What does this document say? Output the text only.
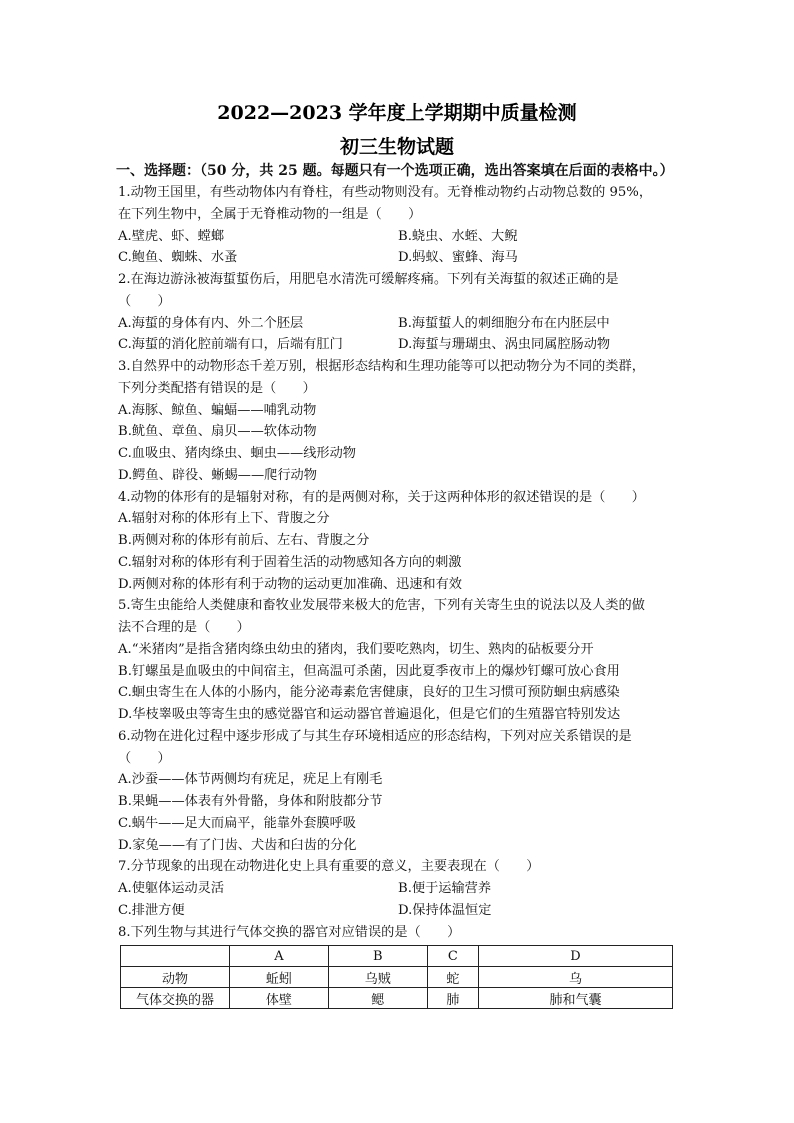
2022—2023 学年度上学期期中质量检测
初三生物试题
一、选择题：（50 分，共 25 题。每题只有一个选项正确，选出答案填在后面的表格中。）
1.动物王国里，有些动物体内有脊柱，有些动物则没有。无脊椎动物约占动物总数的 95%，
在下列生物中，全属于无脊椎动物的一组是（　　）
A.壁虎、虾、螳螂	B.蛲虫、水蛭、大鲵
C.鲍鱼、蜘蛛、水蚤	D.蚂蚁、蜜蜂、海马
2.在海边游泳被海蜇蜇伤后，用肥皂水清洗可缓解疼痛。下列有关海蜇的叙述正确的是
（　　）
A.海蜇的身体有内、外二个胚层	B.海蜇蜇人的刺细胞分布在内胚层中
C.海蜇的消化腔前端有口，后端有肛门	D.海蜇与珊瑚虫、涡虫同属腔肠动物
3.自然界中的动物形态千差万别，根据形态结构和生理功能等可以把动物分为不同的类群，
下列分类配搭有错误的是（　　）
A.海豚、鲸鱼、蝙蝠——哺乳动物
B.鱿鱼、章鱼、扇贝——软体动物
C.血吸虫、猪肉绦虫、蛔虫——线形动物
D.鳄鱼、辟役、蜥蜴——爬行动物
4.动物的体形有的是辐射对称，有的是两侧对称，关于这两种体形的叙述错误的是（　　）
A.辐射对称的体形有上下、背腹之分
B.两侧对称的体形有前后、左右、背腹之分
C.辐射对称的体形有利于固着生活的动物感知各方向的刺激
D.两侧对称的体形有利于动物的运动更加准确、迅速和有效
5.寄生虫能给人类健康和畜牧业发展带来极大的危害，下列有关寄生虫的说法以及人类的做
法不合理的是（　　）
A.“米猪肉”是指含猪肉绦虫幼虫的猪肉，我们要吃熟肉，切生、熟肉的砧板要分开
B.钉螺虽是血吸虫的中间宿主，但高温可杀菌，因此夏季夜市上的爆炒钉螺可放心食用
C.蛔虫寄生在人体的小肠内，能分泌毒素危害健康，良好的卫生习惯可预防蛔虫病感染
D.华枝睾吸虫等寄生虫的感觉器官和运动器官普遍退化，但是它们的生殖器官特别发达
6.动物在进化过程中逐步形成了与其生存环境相适应的形态结构，下列对应关系错误的是
（　　）
A.沙蚕——体节两侧均有疣足，疣足上有刚毛
B.果蝇——体表有外骨骼，身体和附肢都分节
C.蜗牛——足大而扁平，能靠外套膜呼吸
D.家兔——有了门齿、犬齿和臼齿的分化
7.分节现象的出现在动物进化史上具有重要的意义，主要表现在（　　）
A.使躯体运动灵活	B.便于运输营养
C.排泄方便	D.保持体温恒定
8.下列生物与其进行气体交换的器官对应错误的是（　　）
	A	B	C	D
动物	蚯蚓	乌贼	蛇	乌
气体交换的器	体壁	鳃	肺	肺和气囊
